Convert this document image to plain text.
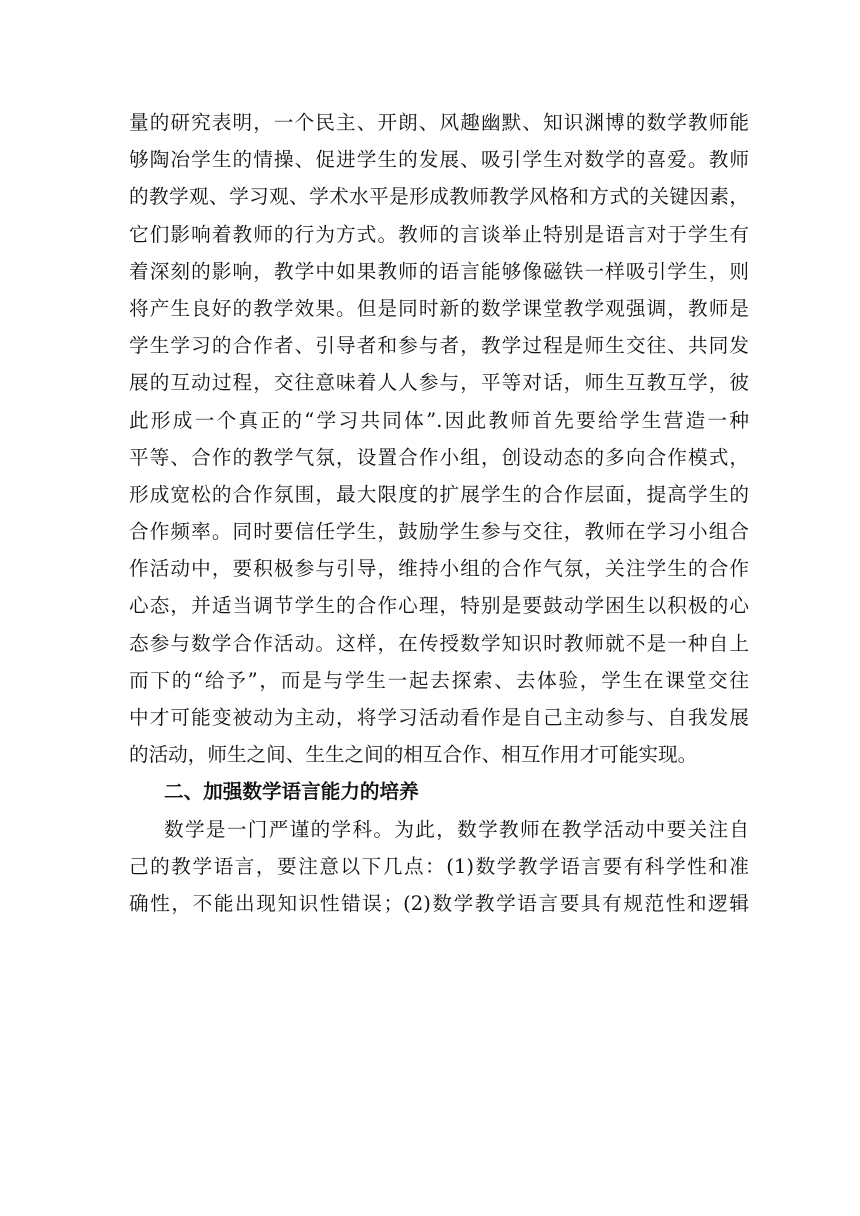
量的研究表明，一个民主、开朗、风趣幽默、知识渊博的数学教师能
够陶冶学生的情操、促进学生的发展、吸引学生对数学的喜爱。教师
的教学观、学习观、学术水平是形成教师教学风格和方式的关键因素，
它们影响着教师的行为方式。教师的言谈举止特别是语言对于学生有
着深刻的影响，教学中如果教师的语言能够像磁铁一样吸引学生，则
将产生良好的教学效果。但是同时新的数学课堂教学观强调，教师是
学生学习的合作者、引导者和参与者，教学过程是师生交往、共同发
展的互动过程，交往意味着人人参与，平等对话，师生互教互学，彼
此形成一个真正的“学习共同体”.因此教师首先要给学生营造一种
平等、合作的教学气氛，设置合作小组，创设动态的多向合作模式，
形成宽松的合作氛围，最大限度的扩展学生的合作层面，提高学生的
合作频率。同时要信任学生，鼓励学生参与交往，教师在学习小组合
作活动中，要积极参与引导，维持小组的合作气氛，关注学生的合作
心态，并适当调节学生的合作心理，特别是要鼓动学困生以积极的心
态参与数学合作活动。这样，在传授数学知识时教师就不是一种自上
而下的“给予”，而是与学生一起去探索、去体验，学生在课堂交往
中才可能变被动为主动，将学习活动看作是自己主动参与、自我发展
的活动，师生之间、生生之间的相互合作、相互作用才可能实现。
二、加强数学语言能力的培养
数学是一门严谨的学科。为此，数学教师在教学活动中要关注自
己的教学语言，要注意以下几点：(1)数学教学语言要有科学性和准
确性，不能出现知识性错误；(2)数学教学语言要具有规范性和逻辑
